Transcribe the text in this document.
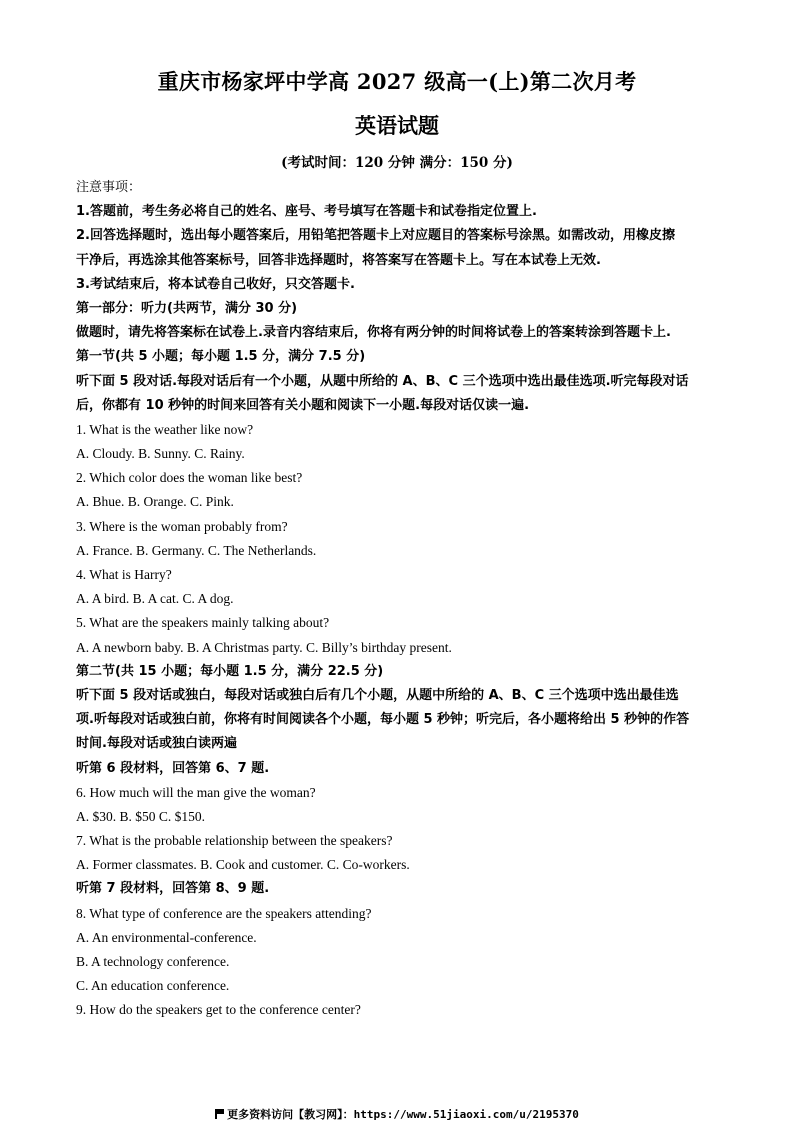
重庆市杨家坪中学高 2027 级高一(上)第二次月考
英语试题
(考试时间：120 分钟 满分：150 分)
注意事项：
1.答题前，考生务必将自己的姓名、座号、考号填写在答题卡和试卷指定位置上.
2.回答选择题时，选出每小题答案后，用铅笔把答题卡上对应题目的答案标号涂黑。如需改动，用橡皮擦
干净后，再选涂其他答案标号，回答非选择题时，将答案写在答题卡上。写在本试卷上无效.
3.考试结束后，将本试卷自己收好，只交答题卡.
第一部分：听力(共两节，满分 30 分)
做题时，请先将答案标在试卷上.录音内容结束后，你将有两分钟的时间将试卷上的答案转涂到答题卡上.
第一节(共 5 小题；每小题 1.5 分，满分 7.5 分)
听下面 5 段对话.每段对话后有一个小题，从题中所给的 A、B、C 三个选项中选出最佳选项.听完每段对话
后，你都有 10 秒钟的时间来回答有关小题和阅读下一小题.每段对话仅读一遍.
1. What is the weather like now?
A. Cloudy. B. Sunny. C. Rainy.
2. Which color does the woman like best?
A. Bhue. B. Orange. C. Pink.
3. Where is the woman probably from?
A. France. B. Germany. C. The Netherlands.
4. What is Harry?
A. A bird. B. A cat. C. A dog.
5. What are the speakers mainly talking about?
A. A newborn baby. B. A Christmas party. C. Billy’s birthday present.
第二节(共 15 小题；每小题 1.5 分，满分 22.5 分)
听下面 5 段对话或独白，每段对话或独白后有几个小题，从题中所给的 A、B、C 三个选项中选出最佳选
项.听每段对话或独白前，你将有时间阅读各个小题，每小题 5 秒钟；听完后，各小题将给出 5 秒钟的作答
时间.每段对话或独白读两遍
听第 6 段材料，回答第 6、7 题.
6. How much will the man give the woman?
A. $30. B. $50 C. $150.
7. What is the probable relationship between the speakers?
A. Former classmates. B. Cook and customer. C. Co-workers.
听第 7 段材料，回答第 8、9 题.
8. What type of conference are the speakers attending?
A. An environmental-conference.
B. A technology conference.
C. An education conference.
9. How do the speakers get to the conference center?
更多资料访问【教习网】：https://www.51jiaoxi.com/u/2195370
